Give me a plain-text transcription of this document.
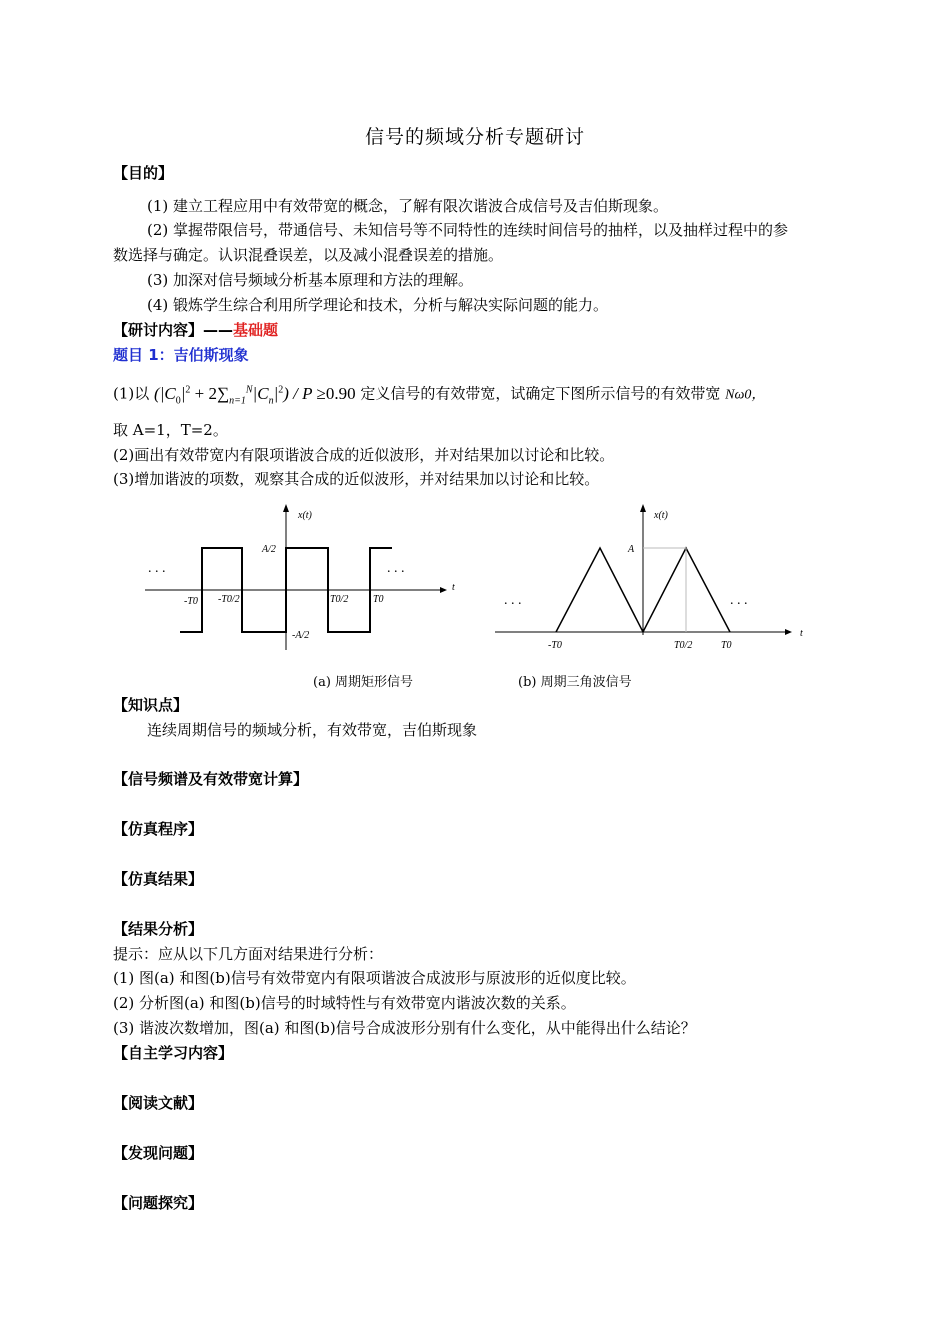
信号的频域分析专题研讨
【目的】
(1) 建立工程应用中有效带宽的概念，了解有限次谐波合成信号及吉伯斯现象。
(2) 掌握带限信号，带通信号、未知信号等不同特性的连续时间信号的抽样，以及抽样过程中的参
数选择与确定。认识混叠误差，以及减小混叠误差的措施。
(3) 加深对信号频域分析基本原理和方法的理解。
(4) 锻炼学生综合利用所学理论和技术，分析与解决实际问题的能力。
【研讨内容】——基础题
题目 1：吉伯斯现象
(1)以 $(|C_0|^2 + 2\sum_{n=1}^N|C_n|^2) / P \ge 0.90$ 定义信号的有效带宽，试确定下图所示信号的有效带宽 Nω0，
取 A=1，T=2。
(2)画出有效带宽内有限项谐波合成的近似波形，并对结果加以讨论和比较。
(3)增加谐波的项数，观察其合成的近似波形，并对结果加以讨论和比较。
. . .	. . .
x(t)
t
A/2
-A/2
-T0 -T0/2	T0/2 T0	. . .	. . .
x(t)
t
A
-T0	T0/2	T0
(a) 周期矩形信号	(b) 周期三角波信号
【知识点】
连续周期信号的频域分析，有效带宽，吉伯斯现象
【信号频谱及有效带宽计算】
【仿真程序】
【仿真结果】
【结果分析】
提示：应从以下几方面对结果进行分析：
(1) 图(a) 和图(b)信号有效带宽内有限项谐波合成波形与原波形的近似度比较。
(2) 分析图(a) 和图(b)信号的时域特性与有效带宽内谐波次数的关系。
(3) 谐波次数增加，图(a) 和图(b)信号合成波形分别有什么变化，从中能得出什么结论？
【自主学习内容】
【阅读文献】
【发现问题】
【问题探究】
